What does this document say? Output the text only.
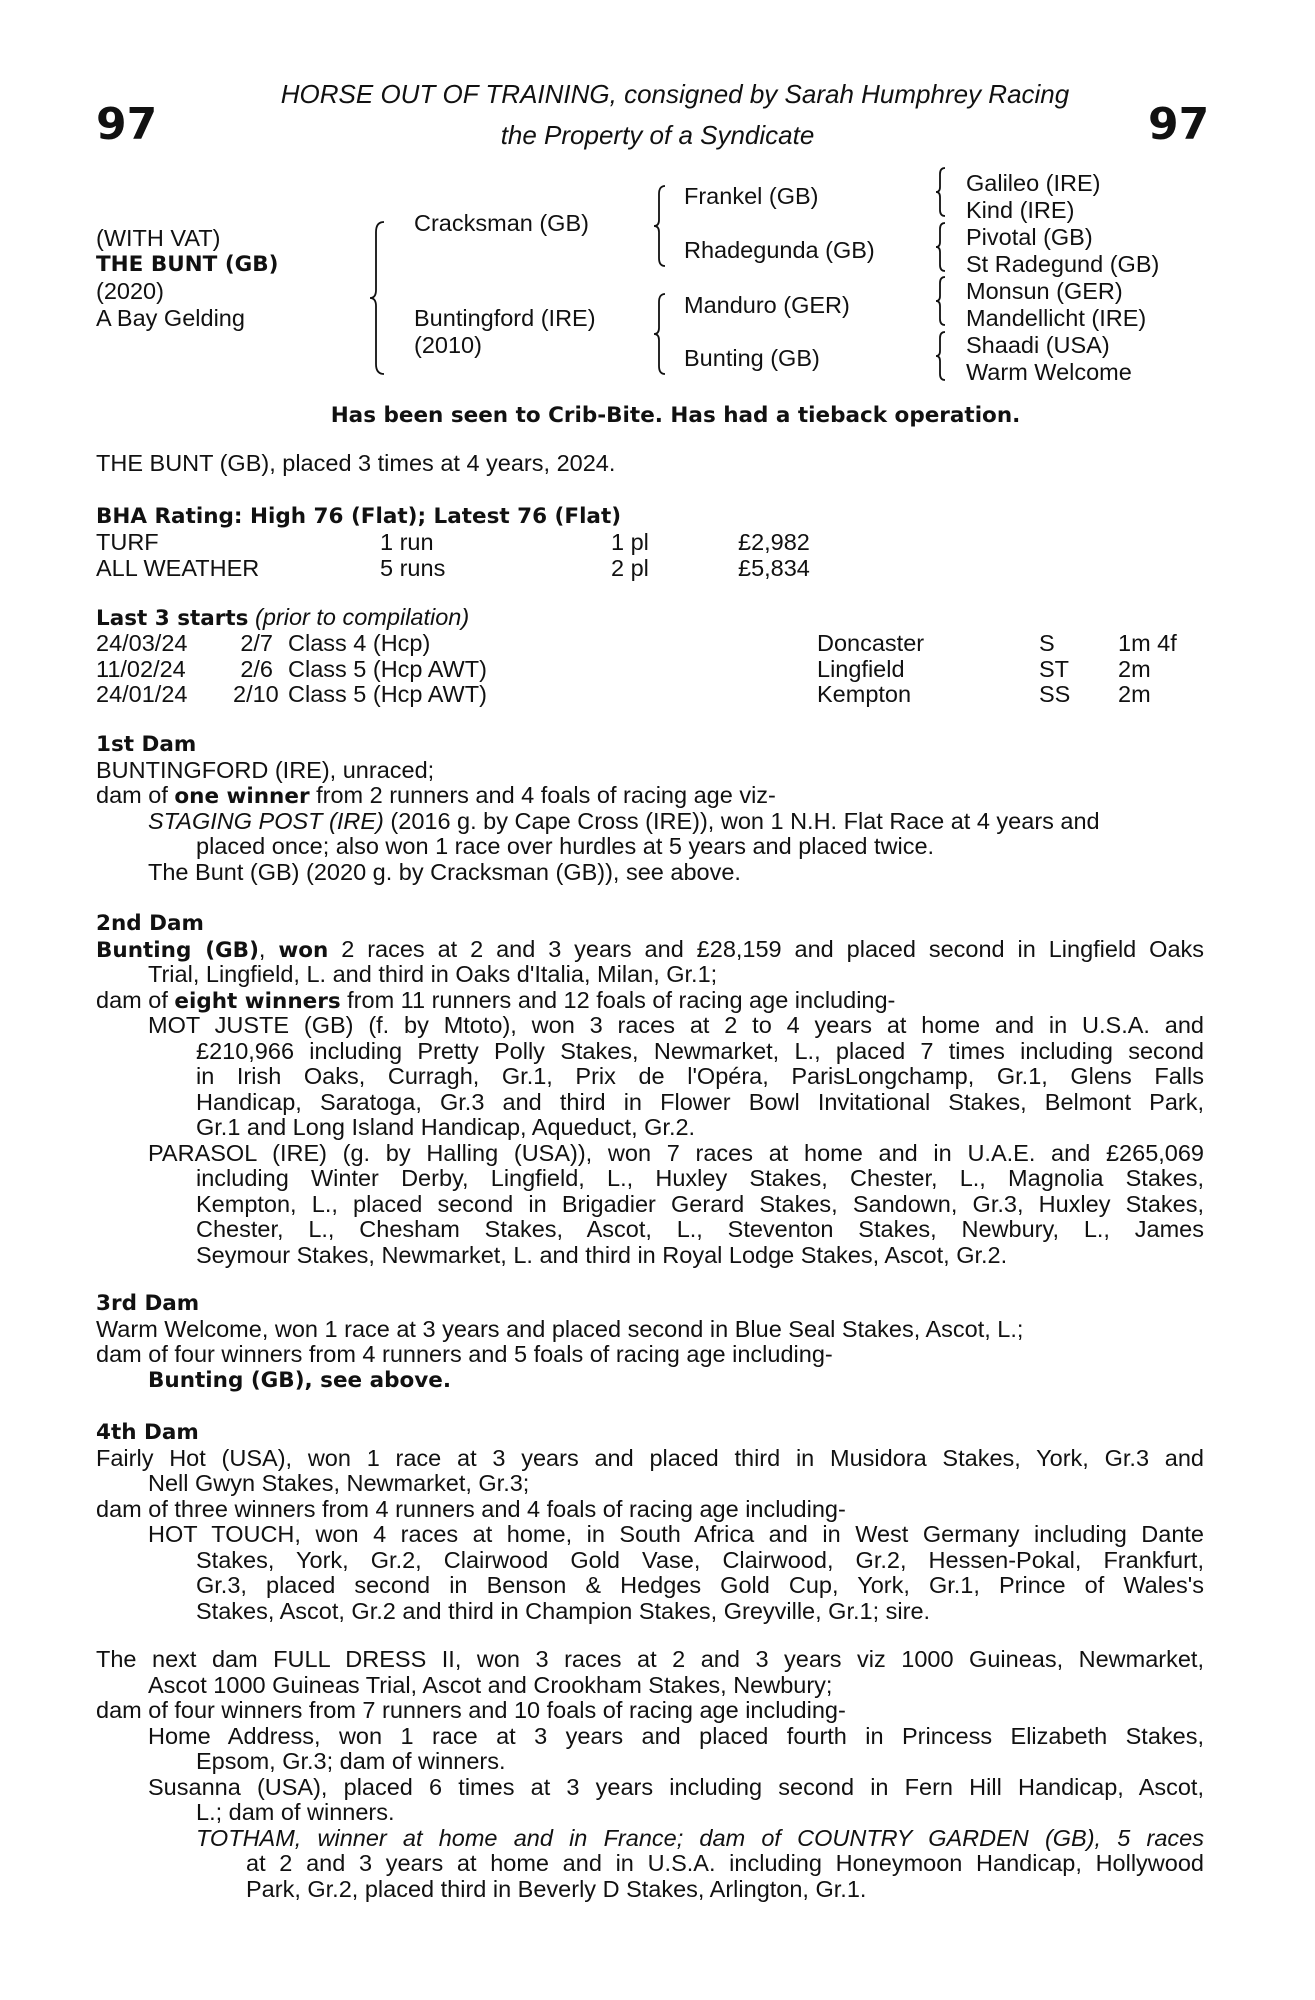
97	97
HORSE OUT OF TRAINING, consigned by Sarah Humphrey Racing
the Property of a Syndicate
(WITH VAT)
THE BUNT (GB)
(2020)
A Bay Gelding
Cracksman (GB)
Buntingford (IRE)
(2010)
Frankel (GB)
Rhadegunda (GB)
Manduro (GER)
Bunting (GB)
Galileo (IRE)
Kind (IRE)
Pivotal (GB)
St Radegund (GB)
Monsun (GER)
Mandellicht (IRE)
Shaadi (USA)
Warm Welcome
Has been seen to Crib-Bite. Has had a tieback operation.
THE BUNT (GB), placed 3 times at 4 years, 2024.
BHA Rating: High 76 (Flat); Latest 76 (Flat)
TURF	1 run	1 pl	£2,982
ALL WEATHER	5 runs	2 pl	£5,834
Last 3 starts (prior to compilation)
24/03/24	2/7 Class 4 (Hcp)	Doncaster	S	1m 4f
11/02/24	2/6 Class 5 (Hcp AWT)	Lingfield	ST 2m
24/01/24 2/10 Class 5 (Hcp AWT)	Kempton	SS 2m
1st Dam
BUNTINGFORD (IRE), unraced;
dam of one winner from 2 runners and 4 foals of racing age viz-
STAGING POST (IRE) (2016 g. by Cape Cross (IRE)), won 1 N.H. Flat Race at 4 years and
placed once; also won 1 race over hurdles at 5 years and placed twice.
The Bunt (GB) (2020 g. by Cracksman (GB)), see above.
2nd Dam
Bunting (GB), won 2 races at 2 and 3 years and £28,159 and placed second in Lingfield Oaks
Trial, Lingfield, L. and third in Oaks d'Italia, Milan, Gr.1;
dam of eight winners from 11 runners and 12 foals of racing age including-
MOT JUSTE (GB) (f. by Mtoto), won 3 races at 2 to 4 years at home and in U.S.A. and
£210,966 including Pretty Polly Stakes, Newmarket, L., placed 7 times including second
in Irish Oaks, Curragh, Gr.1, Prix de l'Opéra, ParisLongchamp, Gr.1, Glens Falls
Handicap, Saratoga, Gr.3 and third in Flower Bowl Invitational Stakes, Belmont Park,
Gr.1 and Long Island Handicap, Aqueduct, Gr.2.
PARASOL (IRE) (g. by Halling (USA)), won 7 races at home and in U.A.E. and £265,069
including Winter Derby, Lingfield, L., Huxley Stakes, Chester, L., Magnolia Stakes,
Kempton, L., placed second in Brigadier Gerard Stakes, Sandown, Gr.3, Huxley Stakes,
Chester, L., Chesham Stakes, Ascot, L., Steventon Stakes, Newbury, L., James
Seymour Stakes, Newmarket, L. and third in Royal Lodge Stakes, Ascot, Gr.2.
3rd Dam
Warm Welcome, won 1 race at 3 years and placed second in Blue Seal Stakes, Ascot, L.;
dam of four winners from 4 runners and 5 foals of racing age including-
Bunting (GB), see above.
4th Dam
Fairly Hot (USA), won 1 race at 3 years and placed third in Musidora Stakes, York, Gr.3 and
Nell Gwyn Stakes, Newmarket, Gr.3;
dam of three winners from 4 runners and 4 foals of racing age including-
HOT TOUCH, won 4 races at home, in South Africa and in West Germany including Dante
Stakes, York, Gr.2, Clairwood Gold Vase, Clairwood, Gr.2, Hessen-Pokal, Frankfurt,
Gr.3, placed second in Benson & Hedges Gold Cup, York, Gr.1, Prince of Wales's
Stakes, Ascot, Gr.2 and third in Champion Stakes, Greyville, Gr.1; sire.
The next dam FULL DRESS II, won 3 races at 2 and 3 years viz 1000 Guineas, Newmarket,
Ascot 1000 Guineas Trial, Ascot and Crookham Stakes, Newbury;
dam of four winners from 7 runners and 10 foals of racing age including-
Home Address, won 1 race at 3 years and placed fourth in Princess Elizabeth Stakes,
Epsom, Gr.3; dam of winners.
Susanna (USA), placed 6 times at 3 years including second in Fern Hill Handicap, Ascot,
L.; dam of winners.
TOTHAM, winner at home and in France; dam of COUNTRY GARDEN (GB), 5 races
at 2 and 3 years at home and in U.S.A. including Honeymoon Handicap, Hollywood
Park, Gr.2, placed third in Beverly D Stakes, Arlington, Gr.1.
